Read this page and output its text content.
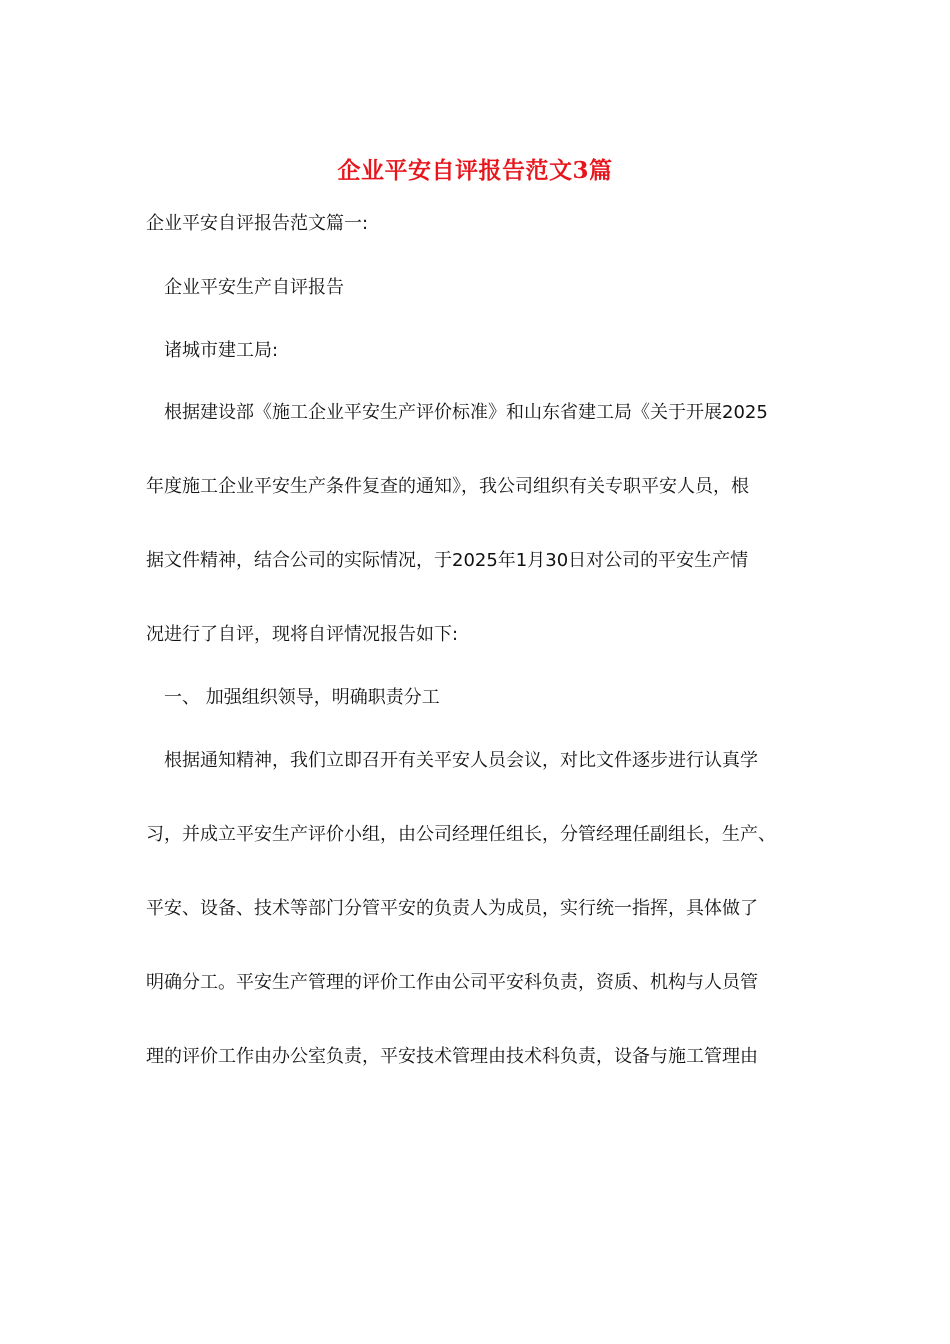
企业平安自评报告范文3篇
企业平安自评报告范文篇一:
企业平安生产自评报告
诸城市建工局:
根据建设部《施工企业平安生产评价标准》和山东省建工局《关于开展2025
年度施工企业平安生产条件复查的通知》，我公司组织有关专职平安人员，根
据文件精神，结合公司的实际情况，于2025年1月30日对公司的平安生产情
况进行了自评，现将自评情况报告如下:
一、 加强组织领导，明确职责分工
根据通知精神，我们立即召开有关平安人员会议，对比文件逐步进行认真学
习，并成立平安生产评价小组，由公司经理任组长，分管经理任副组长，生产、
平安、设备、技术等部门分管平安的负责人为成员，实行统一指挥，具体做了
明确分工。平安生产管理的评价工作由公司平安科负责，资质、机构与人员管
理的评价工作由办公室负责，平安技术管理由技术科负责，设备与施工管理由
